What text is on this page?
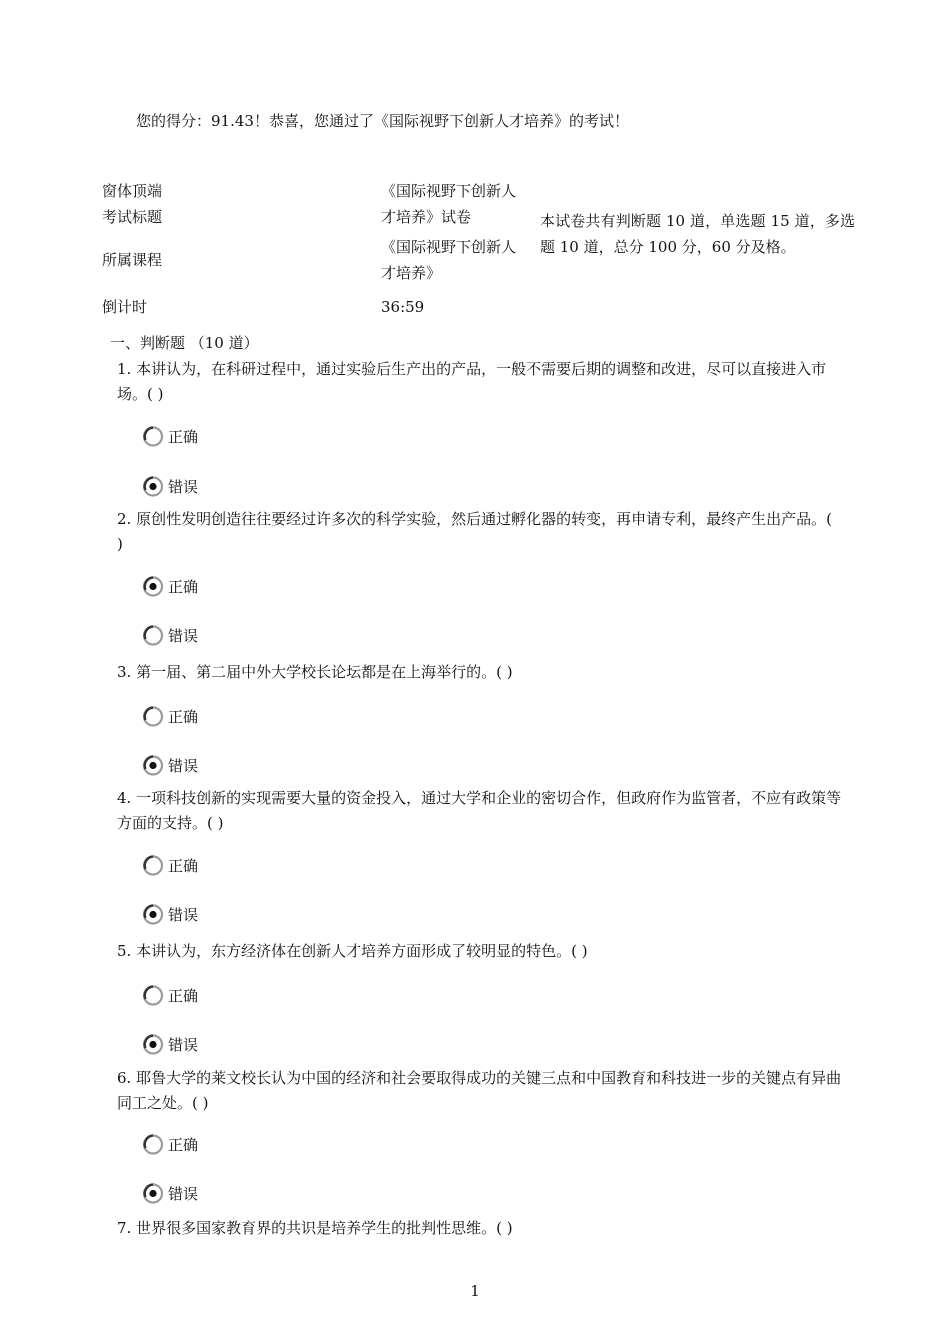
您的得分：91.43！恭喜，您通过了《国际视野下创新人才培养》的考试！
窗体顶端
考试标题
《国际视野下创新人
才培养》试卷
所属课程
《国际视野下创新人
才培养》
本试卷共有判断题 10 道，单选题 15 道，多选题 10 道，总分 100 分，60 分及格。
倒计时	36:59
一、判断题 （10 道）
1. 本讲认为，在科研过程中，通过实验后生产出的产品，一般不需要后期的调整和改进，尽可以直接进入市场。( )
正确
错误
2. 原创性发明创造往往要经过许多次的科学实验，然后通过孵化器的转变，再申请专利，最终产生出产品。( )
正确
错误
3. 第一届、第二届中外大学校长论坛都是在上海举行的。( )
正确
错误
4. 一项科技创新的实现需要大量的资金投入，通过大学和企业的密切合作，但政府作为监管者，不应有政策等方面的支持。( )
正确
错误
5. 本讲认为，东方经济体在创新人才培养方面形成了较明显的特色。( )
正确
错误
6. 耶鲁大学的莱文校长认为中国的经济和社会要取得成功的关键三点和中国教育和科技进一步的关键点有异曲同工之处。( )
正确
错误
7. 世界很多国家教育界的共识是培养学生的批判性思维。( )
1
